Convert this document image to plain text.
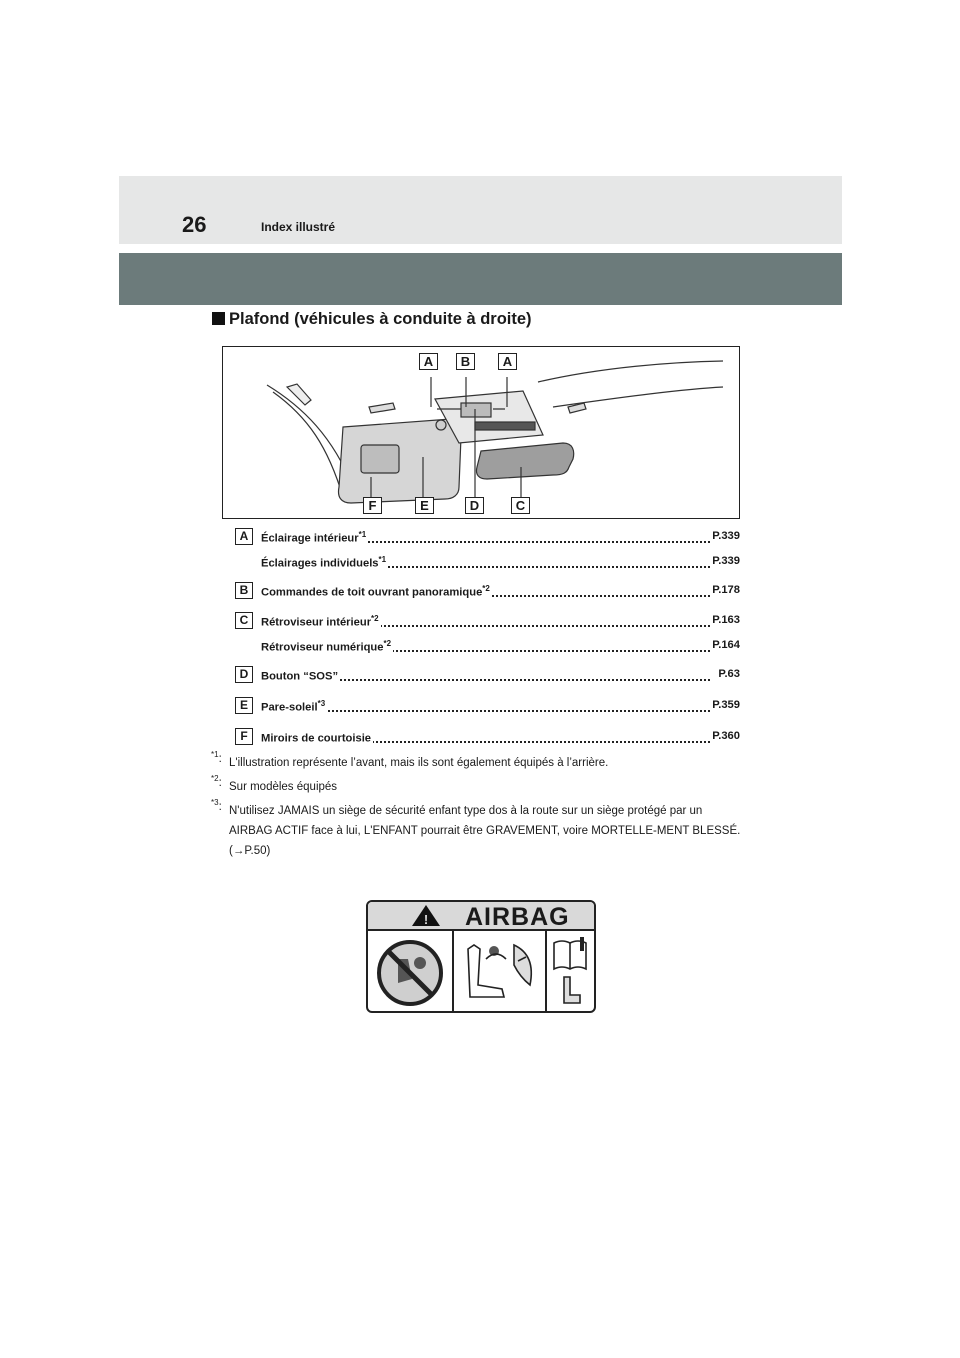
26	Index illustré
Plafond (véhicules à conduite à droite)
A	B	A
F	E	D	C
A	Éclairage intérieur$^{*1}$	P.339
Éclairages individuels$^{*1}$	P.339
B	Commandes de toit ouvrant panoramique$^{*2}$	P.178
C	Rétroviseur intérieur$^{*2}$	P.163
Rétroviseur numérique$^{*2}$	P.164
D	Bouton “SOS”	P.63
E	Pare-soleil$^{*3}$	P.359
F	Miroirs de courtoisie	P.360
$^{*1}$: L'illustration représente l’avant, mais ils sont également équipés à l’arrière.
$^{*2}$: Sur modèles équipés
$^{*3}$: N'utilisez JAMAIS un siège de sécurité enfant type dos à la route sur un siège protégé par un AIRBAG ACTIF face à lui, L'ENFANT pourrait être GRAVEMENT, voire MORTELLE-MENT BLESSÉ. (→P.50)
! AIRBAG
